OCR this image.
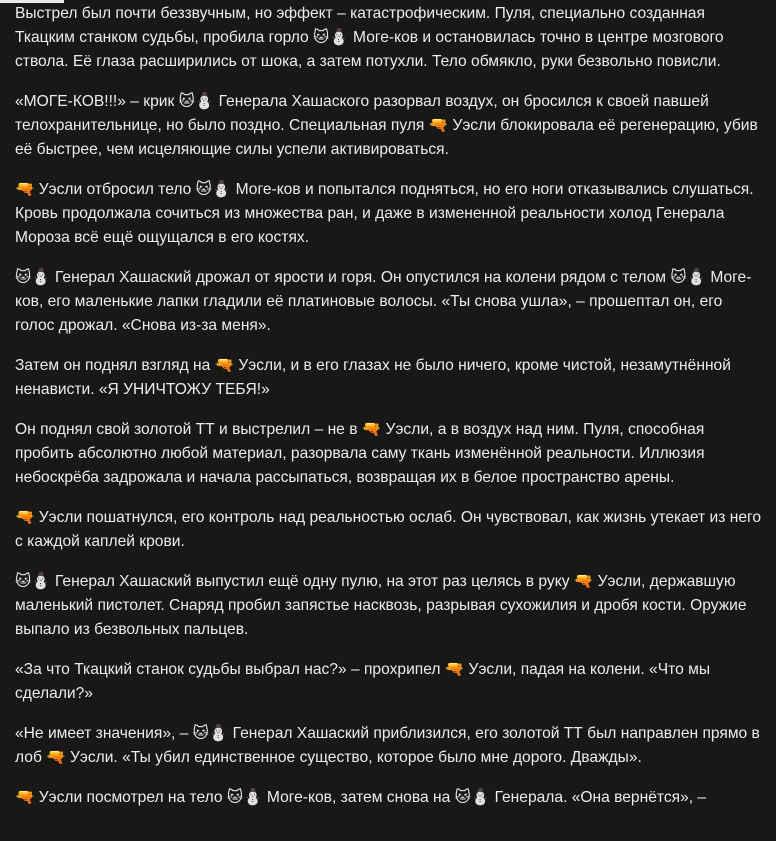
Выстрел был почти беззвучным, но эффект – катастрофическим. Пуля, специально созданная Ткацким станком судьбы, пробила горло 🐱⛄ Моге-ков и остановилась точно в центре мозгового ствола. Её глаза расширились от шока, а затем потухли. Тело обмякло, руки безвольно повисли.

«МОГЕ-КОВ!!!» – крик 🐱⛄ Генерала Хашаского разорвал воздух, он бросился к своей павшей телохранительнице, но было поздно. Специальная пуля 🔫 Уэсли блокировала её регенерацию, убив её быстрее, чем исцеляющие силы успели активироваться.

🔫 Уэсли отбросил тело 🐱⛄ Моге-ков и попытался подняться, но его ноги отказывались слушаться. Кровь продолжала сочиться из множества ран, и даже в измененной реальности холод Генерала Мороза всё ещё ощущался в его костях.

🐱⛄ Генерал Хашаский дрожал от ярости и горя. Он опустился на колени рядом с телом 🐱⛄ Моге-ков, его маленькие лапки гладили её платиновые волосы. «Ты снова ушла», – прошептал он, его голос дрожал. «Снова из-за меня».

Затем он поднял взгляд на 🔫 Уэсли, и в его глазах не было ничего, кроме чистой, незамутнённой ненависти. «Я УНИЧТОЖУ ТЕБЯ!»

Он поднял свой золотой ТТ и выстрелил – не в 🔫 Уэсли, а в воздух над ним. Пуля, способная пробить абсолютно любой материал, разорвала саму ткань изменённой реальности. Иллюзия небоскрёба задрожала и начала рассыпаться, возвращая их в белое пространство арены.

🔫 Уэсли пошатнулся, его контроль над реальностью ослаб. Он чувствовал, как жизнь утекает из него с каждой каплей крови.

🐱⛄ Генерал Хашаский выпустил ещё одну пулю, на этот раз целясь в руку 🔫 Уэсли, державшую маленький пистолет. Снаряд пробил запястье насквозь, разрывая сухожилия и дробя кости. Оружие выпало из безвольных пальцев.

«За что Ткацкий станок судьбы выбрал нас?» – прохрипел 🔫 Уэсли, падая на колени. «Что мы сделали?»

«Не имеет значения», – 🐱⛄ Генерал Хашаский приблизился, его золотой ТТ был направлен прямо в лоб 🔫 Уэсли. «Ты убил единственное существо, которое было мне дорого. Дважды».

🔫 Уэсли посмотрел на тело 🐱⛄ Моге-ков, затем снова на 🐱⛄ Генерала. «Она вернётся», –
